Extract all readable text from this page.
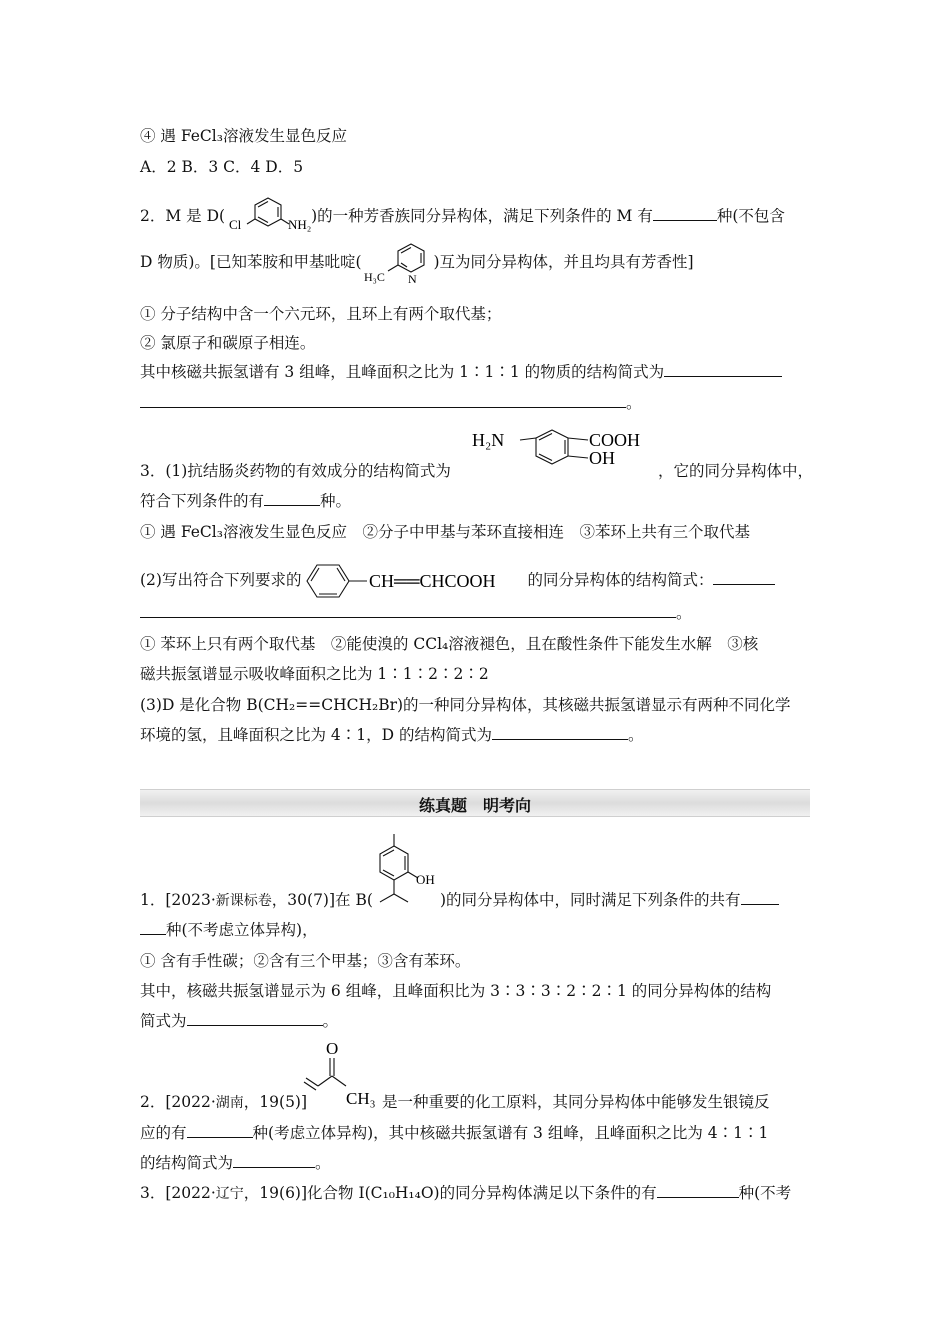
④ 遇 FeCl₃溶液发生显色反应
A．2 B．3 C．4 D．5
2．M 是 D( Cl	NH₂ )的一种芳香族同分异构体，满足下列条件的 M 有	种(不包含
D 物质)。[已知苯胺和甲基吡啶(
H₃C N
)互为同分异构体，并且均具有芳香性]
① 分子结构中含一个六元环，且环上有两个取代基；
② 氯原子和碳原子相连。
其中核磁共振氢谱有 3 组峰，且峰面积之比为 1∶1∶1 的物质的结构简式为
。
H₂N	COOH
OH
3．(1)抗结肠炎药物的有效成分的结构简式为	，它的同分异构体中，
符合下列条件的有	种。
① 遇 FeCl₃溶液发生显色反应　②分子中甲基与苯环直接相连　③苯环上共有三个取代基
(2)写出符合下列要求的	CH══CHCOOH 的同分异构体的结构简式：
。
① 苯环上只有两个取代基　②能使溴的 CCl₄溶液褪色，且在酸性条件下能发生水解　③核
磁共振氢谱显示吸收峰面积之比为 1∶1∶2∶2∶2
(3)D 是化合物 B(CH₂==CHCH₂Br)的一种同分异构体，其核磁共振氢谱显示有两种不同化学
环境的氢，且峰面积之比为 4∶1，D 的结构简式为	。
练真题　明考向
OH
1．[2023·新课标卷，30(7)]在 B(	)的同分异构体中，同时满足下列条件的共有
种(不考虑立体异构)，
① 含有手性碳；②含有三个甲基；③含有苯环。
其中，核磁共振氢谱显示为 6 组峰，且峰面积比为 3∶3∶3∶2∶2∶1 的同分异构体的结构
简式为	。
O
CH₃
2．[2022·湖南，19(5)]	是一种重要的化工原料，其同分异构体中能够发生银镜反
应的有	种(考虑立体异构)，其中核磁共振氢谱有 3 组峰，且峰面积之比为 4∶1∶1
的结构简式为	。
3．[2022·辽宁，19(6)]化合物 I(C₁₀H₁₄O)的同分异构体满足以下条件的有	种(不考
